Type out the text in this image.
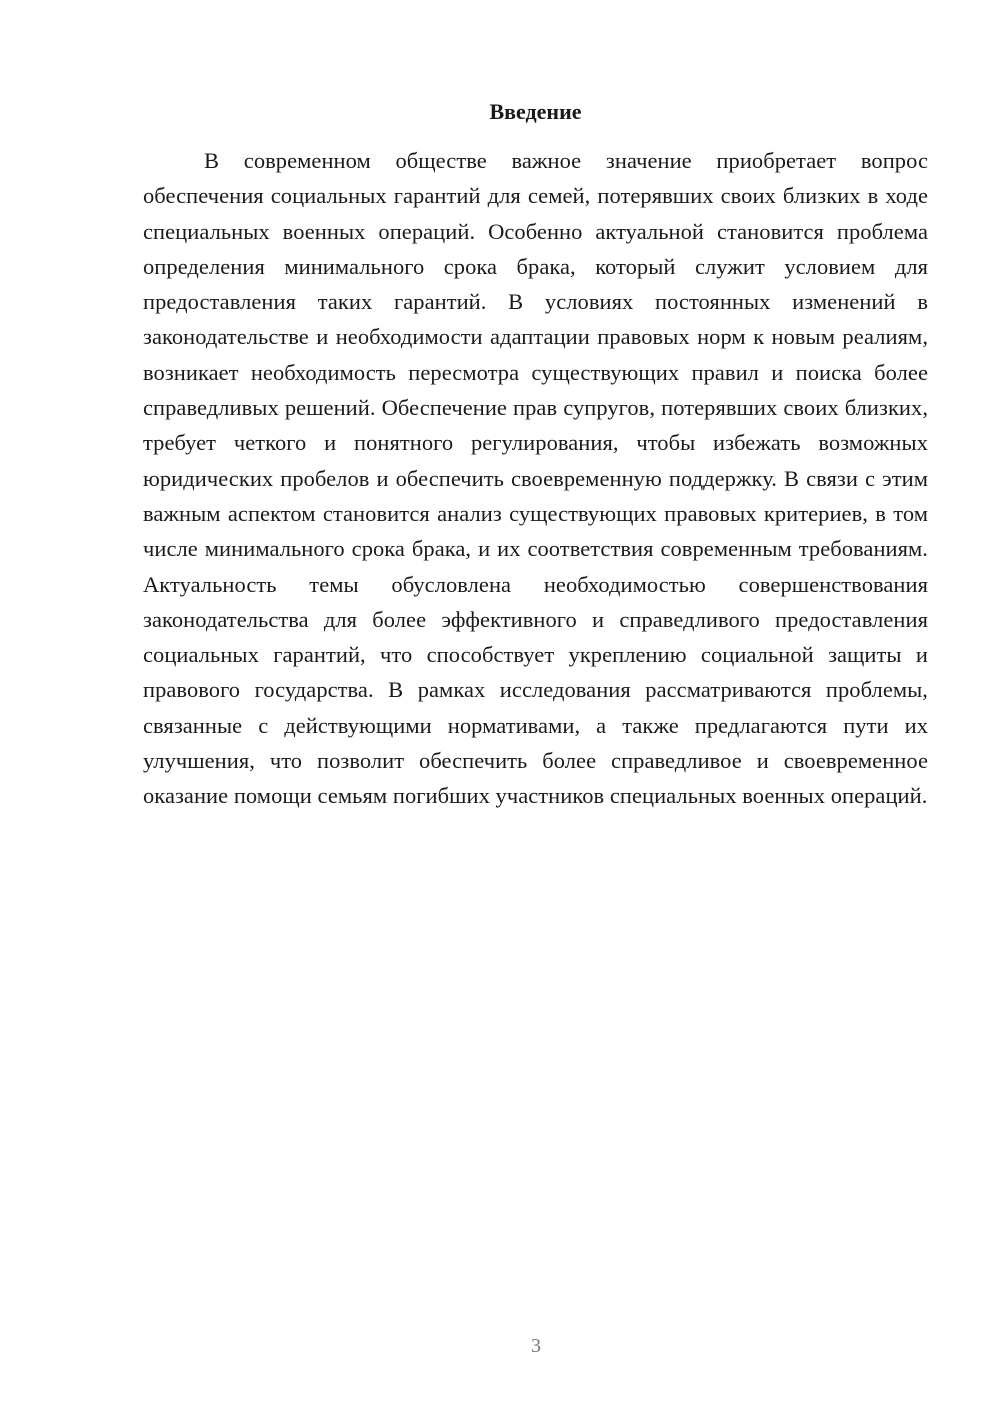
Введение

В современном обществе важное значение приобретает вопрос обеспечения социальных гарантий для семей, потерявших своих близких в ходе специальных военных операций. Особенно актуальной становится проблема определения минимального срока брака, который служит условием для предоставления таких гарантий. В условиях постоянных изменений в законодательстве и необходимости адаптации правовых норм к новым реалиям, возникает необходимость пересмотра существующих правил и поиска более справедливых решений. Обеспечение прав супругов, потерявших своих близких, требует четкого и понятного регулирования, чтобы избежать возможных юридических пробелов и обеспечить своевременную поддержку. В связи с этим важным аспектом становится анализ существующих правовых критериев, в том числе минимального срока брака, и их соответствия современным требованиям. Актуальность темы обусловлена необходимостью совершенствования законодательства для более эффективного и справедливого предоставления социальных гарантий, что способствует укреплению социальной защиты и правового государства. В рамках исследования рассматриваются проблемы, связанные с действующими нормативами, а также предлагаются пути их улучшения, что позволит обеспечить более справедливое и своевременное оказание помощи семьям погибших участников специальных военных операций.

3
